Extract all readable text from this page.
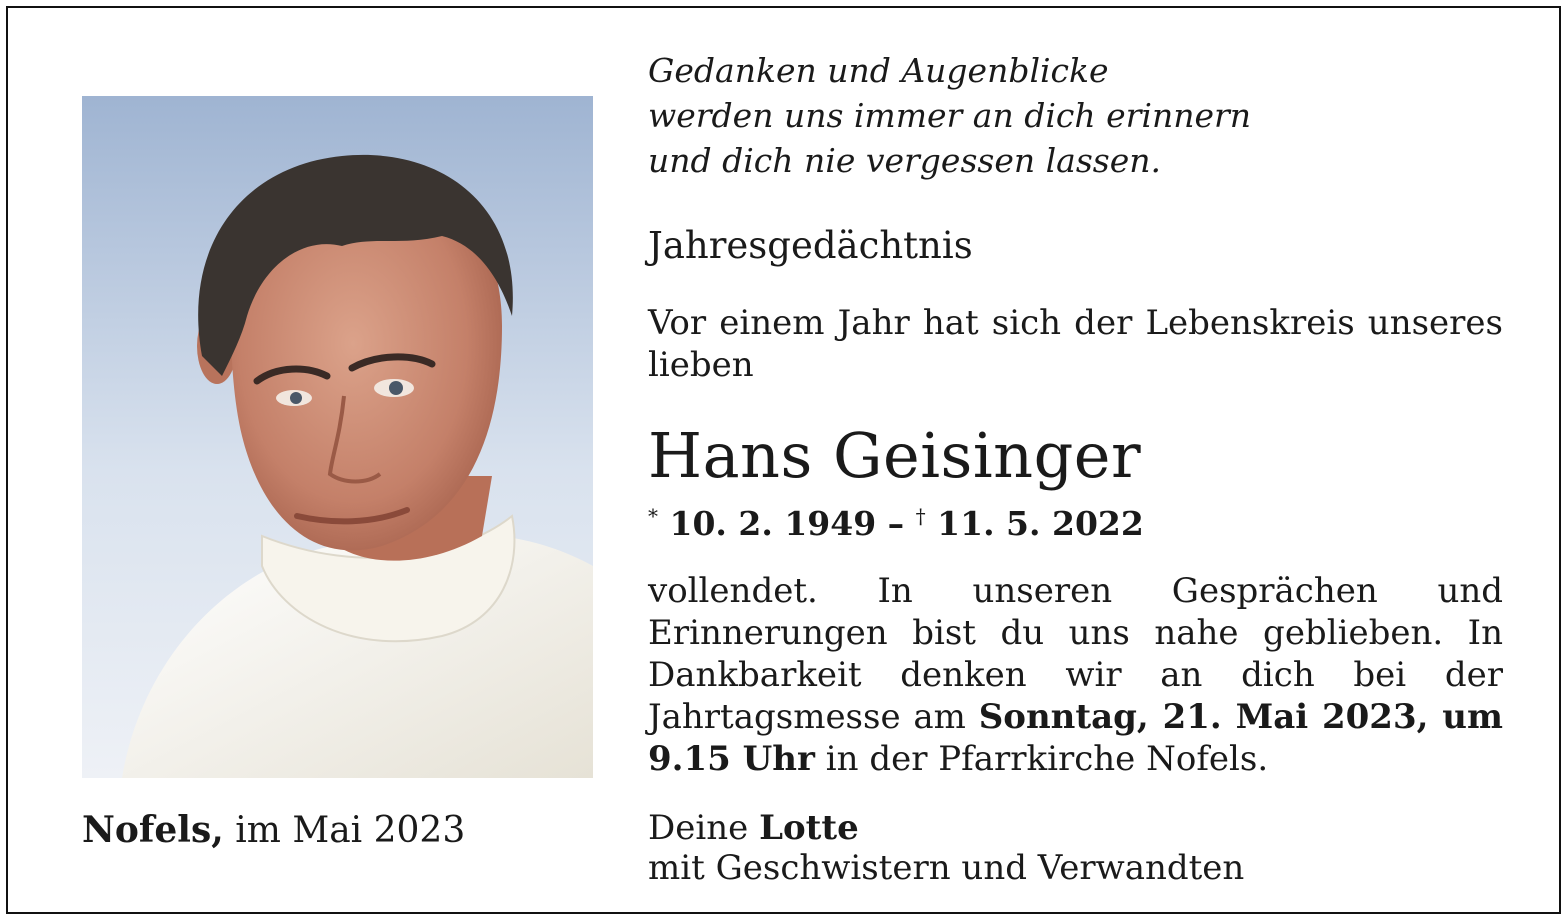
Nofels, im Mai 2023

Gedanken und Augenblicke
werden uns immer an dich erinnern
und dich nie vergessen lassen.

Jahresgedächtnis
Vor einem Jahr hat sich der Lebenskreis unseres lieben
Hans Geisinger
* 10. 2. 1949 – † 11. 5. 2022
vollendet. In unseren Gesprächen und Erinnerungen bist du uns nahe geblieben. In Dankbarkeit denken wir an dich bei der Jahrtagsmesse am Sonntag, 21. Mai 2023, um 9.15 Uhr in der Pfarrkirche Nofels.
Deine Lotte
mit Geschwistern und Verwandten
